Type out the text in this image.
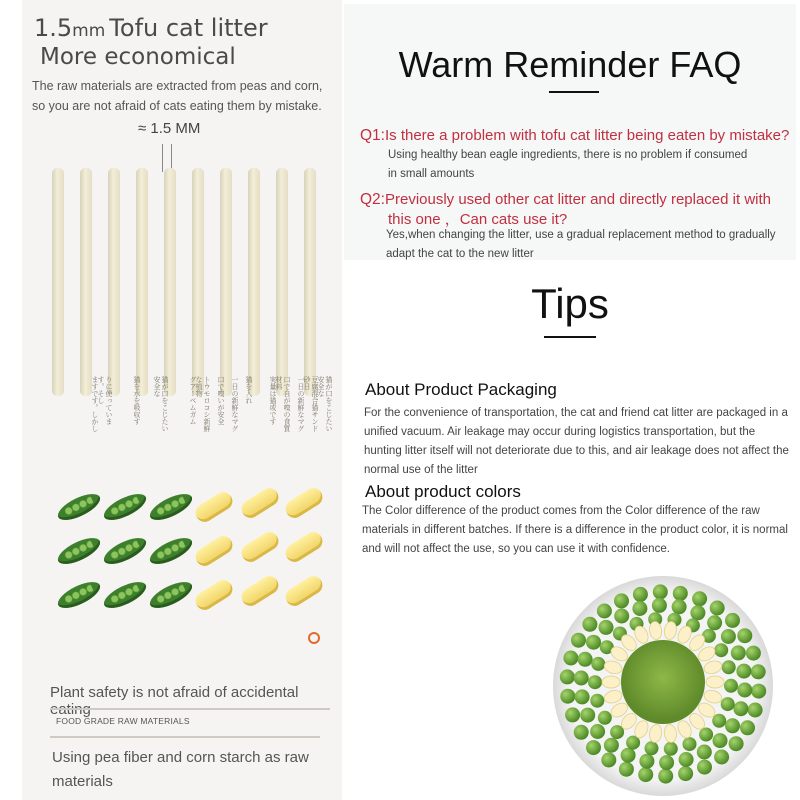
1.5mm Tofu cat litter
More economical
The raw materials are extracted from peas and corn, so you are not afraid of cats eating them by mistake.
≈ 1.5 MM
ますです。しかし	りに使っています。そし	猫を水を吸収す	猫が口をこじたい安全な	グアーベムガム	トウモロコシ新鮮な植物	口で嗅いが安全	一日の新鮮なマグ	猫を入れ	実量は猫或です	口で自が嗅の食質材料	一日の新鮮なマグ	豆腐混合猫サンド砂日	猫が口をこじたい安全な
Plant safety is not afraid of accidental
FOOD GRADE RAW MATERIALS
Using pea fiber and corn starch as raw materials
Warm Reminder FAQ
Q1:Is there a problem with tofu cat litter being eaten by mistake?
Using healthy bean eagle ingredients, there is no problem if consumed in small amounts
Q2:Previously used other cat litter and directly replaced it with
this one ，Can cats use it?
Yes,when changing the litter, use a gradual replacement method to gradually adapt the cat to the new litter
Tips
About Product Packaging
For the convenience of transportation, the cat and friend cat litter are packaged in a unified vacuum. Air leakage may occur during logistics transportation, but the hunting litter itself will not deteriorate due to this, and air leakage does not affect the normal use of the litter
About product colors
The Color difference of the product comes from the Color difference of the raw materials in different batches. If there is a difference in the product color, it is normal and will not affect the use, so you can use it with confidence.
